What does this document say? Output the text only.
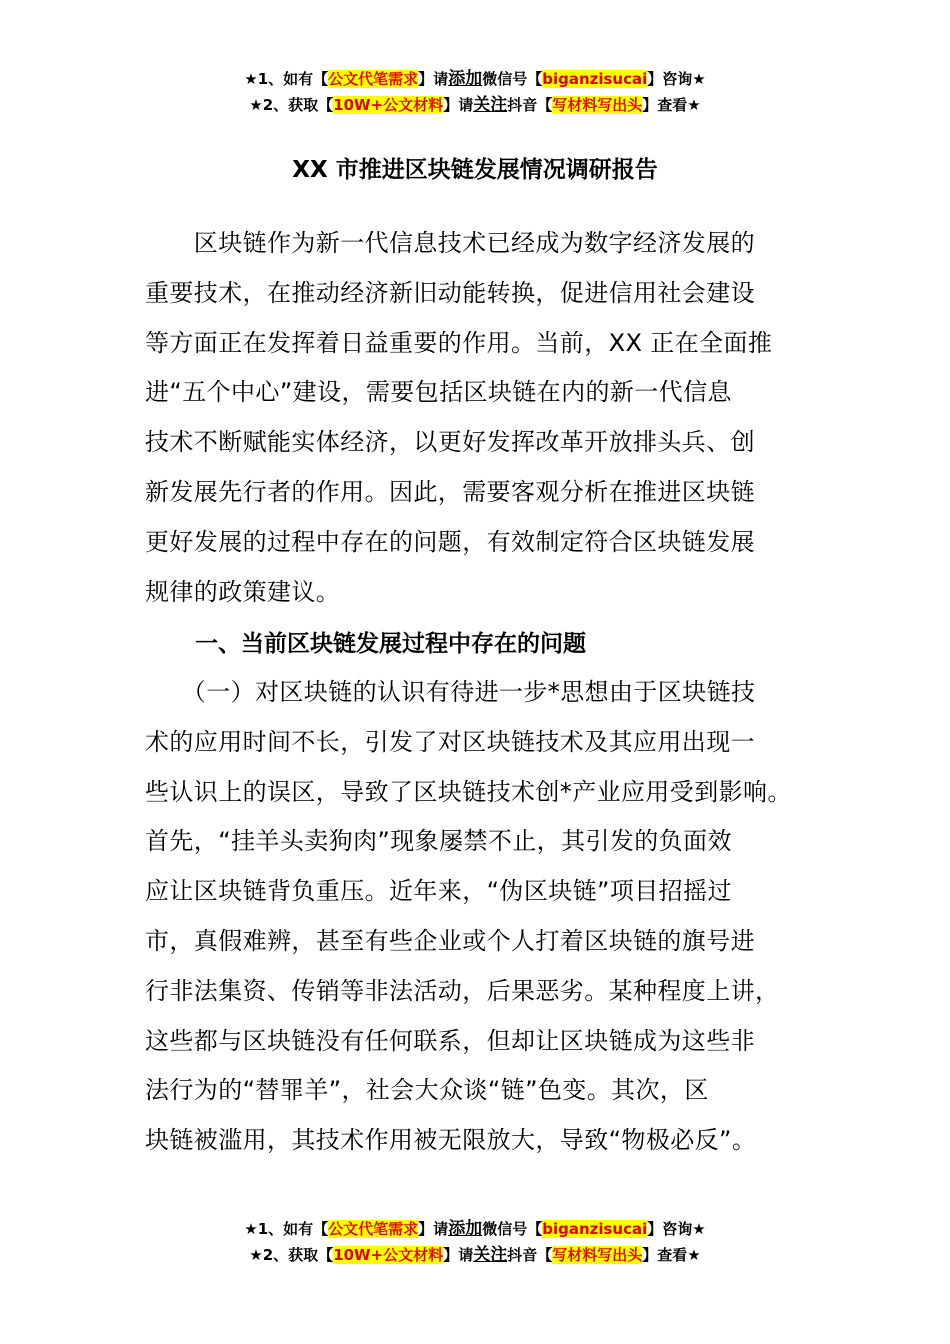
★1、如有【公文代笔需求】请添加微信号【biganzisucai】咨询★
★2、获取【10W+公文材料】请关注抖音【写材料写出头】查看★
XX 市推进区块链发展情况调研报告
　　区块链作为新一代信息技术已经成为数字经济发展的
重要技术，在推动经济新旧动能转换，促进信用社会建设
等方面正在发挥着日益重要的作用。当前，XX 正在全面推
进“五个中心”建设，需要包括区块链在内的新一代信息
技术不断赋能实体经济，以更好发挥改革开放排头兵、创
新发展先行者的作用。因此，需要客观分析在推进区块链
更好发展的过程中存在的问题，有效制定符合区块链发展
规律的政策建议。
一、当前区块链发展过程中存在的问题
　　（一）对区块链的认识有待进一步*思想由于区块链技
术的应用时间不长，引发了对区块链技术及其应用出现一
些认识上的误区，导致了区块链技术创*产业应用受到影响。
首先，“挂羊头卖狗肉”现象屡禁不止，其引发的负面效
应让区块链背负重压。近年来，“伪区块链”项目招摇过
市，真假难辨，甚至有些企业或个人打着区块链的旗号进
行非法集资、传销等非法活动，后果恶劣。某种程度上讲，
这些都与区块链没有任何联系，但却让区块链成为这些非
法行为的“替罪羊”，社会大众谈“链”色变。其次，区
块链被滥用，其技术作用被无限放大，导致“物极必反”。
★1、如有【公文代笔需求】请添加微信号【biganzisucai】咨询★
★2、获取【10W+公文材料】请关注抖音【写材料写出头】查看★
